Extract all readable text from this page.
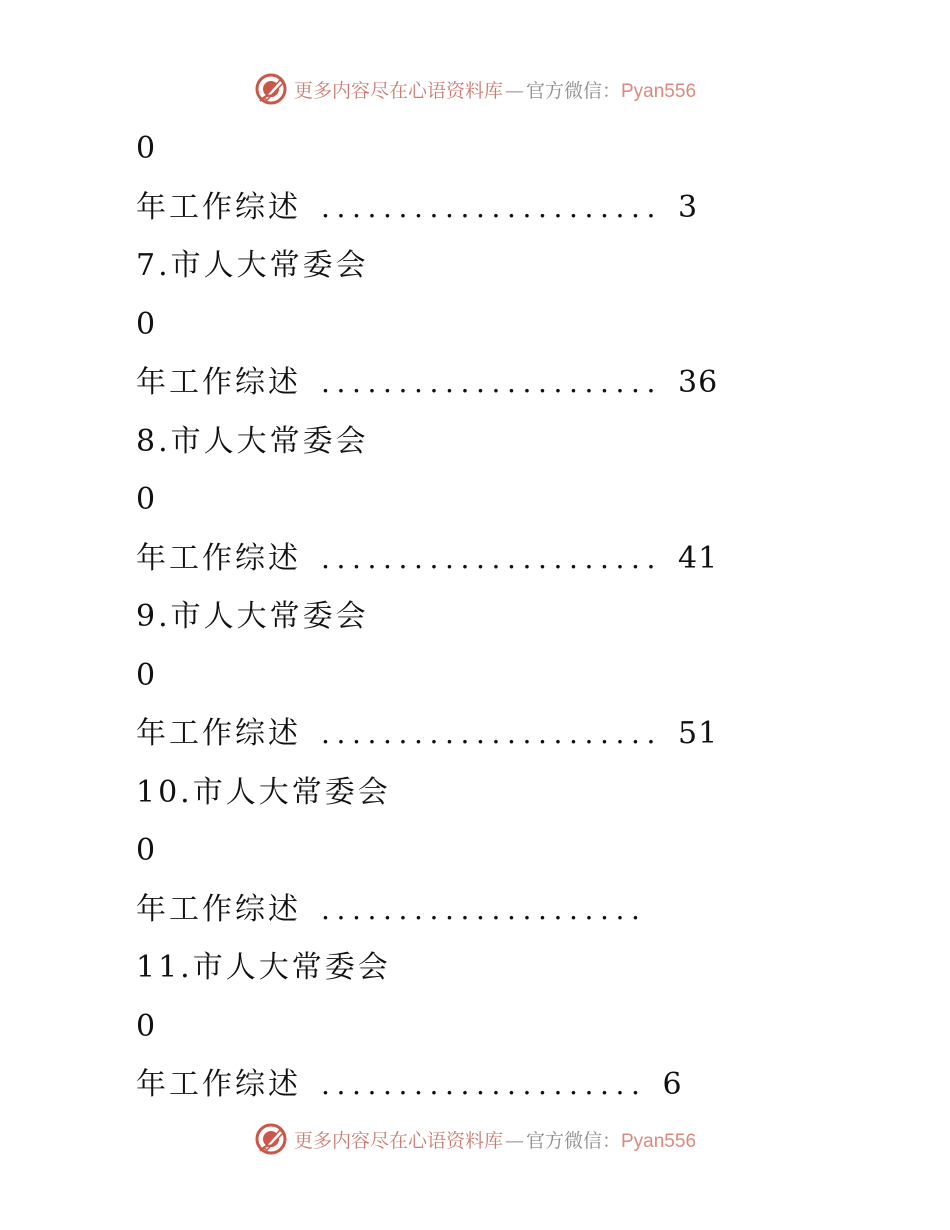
更多内容尽在心语资料库 — 官方微信： Pyan556
0
年工作综述 ...................... 3
7.市人大常委会
0
年工作综述 ...................... 36
8.市人大常委会
0
年工作综述 ...................... 41
9.市人大常委会
0
年工作综述 ...................... 51
10.市人大常委会
0
年工作综述 .....................
11.市人大常委会
0
年工作综述 ..................... 6
更多内容尽在心语资料库 — 官方微信： Pyan556
